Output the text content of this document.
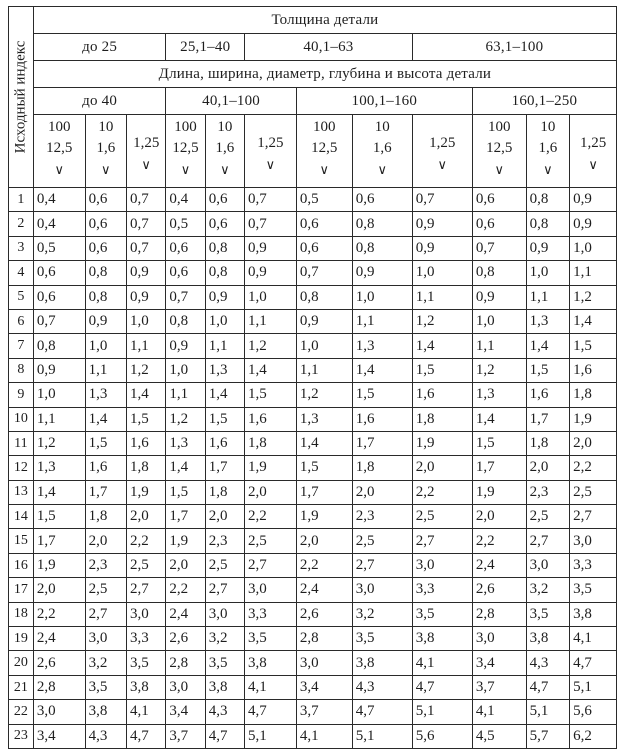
Исходный индекс	Толщина детали											
	до 25			25,1–40		40,1–63			63,1–100			
	Длина, ширина, диаметр, глубина и высота детали											
	до 40			40,1–100			100,1–160			160,1–250		

	100
12,5
∨	10
1,6
∨	1,25
∨	100
12,5
∨	10
1,6
∨	1,25
∨	100
12,5
∨	10
1,6
∨	1,25
∨	100
12,5
∨	10
1,6
∨	1,25
∨

1	0,4	0,6	0,7	0,4	0,6	0,7	0,5	0,6	0,7	0,6	0,8	0,9
2	0,4	0,6	0,7	0,5	0,6	0,7	0,6	0,8	0,9	0,6	0,8	0,9
3	0,5	0,6	0,7	0,6	0,8	0,9	0,6	0,8	0,9	0,7	0,9	1,0
4	0,6	0,8	0,9	0,6	0,8	0,9	0,7	0,9	1,0	0,8	1,0	1,1
5	0,6	0,8	0,9	0,7	0,9	1,0	0,8	1,0	1,1	0,9	1,1	1,2
6	0,7	0,9	1,0	0,8	1,0	1,1	0,9	1,1	1,2	1,0	1,3	1,4
7	0,8	1,0	1,1	0,9	1,1	1,2	1,0	1,3	1,4	1,1	1,4	1,5
8	0,9	1,1	1,2	1,0	1,3	1,4	1,1	1,4	1,5	1,2	1,5	1,6
9	1,0	1,3	1,4	1,1	1,4	1,5	1,2	1,5	1,6	1,3	1,6	1,8
10	1,1	1,4	1,5	1,2	1,5	1,6	1,3	1,6	1,8	1,4	1,7	1,9
11	1,2	1,5	1,6	1,3	1,6	1,8	1,4	1,7	1,9	1,5	1,8	2,0
12	1,3	1,6	1,8	1,4	1,7	1,9	1,5	1,8	2,0	1,7	2,0	2,2
13	1,4	1,7	1,9	1,5	1,8	2,0	1,7	2,0	2,2	1,9	2,3	2,5
14	1,5	1,8	2,0	1,7	2,0	2,2	1,9	2,3	2,5	2,0	2,5	2,7
15	1,7	2,0	2,2	1,9	2,3	2,5	2,0	2,5	2,7	2,2	2,7	3,0
16	1,9	2,3	2,5	2,0	2,5	2,7	2,2	2,7	3,0	2,4	3,0	3,3
17	2,0	2,5	2,7	2,2	2,7	3,0	2,4	3,0	3,3	2,6	3,2	3,5
18	2,2	2,7	3,0	2,4	3,0	3,3	2,6	3,2	3,5	2,8	3,5	3,8
19	2,4	3,0	3,3	2,6	3,2	3,5	2,8	3,5	3,8	3,0	3,8	4,1
20	2,6	3,2	3,5	2,8	3,5	3,8	3,0	3,8	4,1	3,4	4,3	4,7
21	2,8	3,5	3,8	3,0	3,8	4,1	3,4	4,3	4,7	3,7	4,7	5,1
22	3,0	3,8	4,1	3,4	4,3	4,7	3,7	4,7	5,1	4,1	5,1	5,6
23	3,4	4,3	4,7	3,7	4,7	5,1	4,1	5,1	5,6	4,5	5,7	6,2
